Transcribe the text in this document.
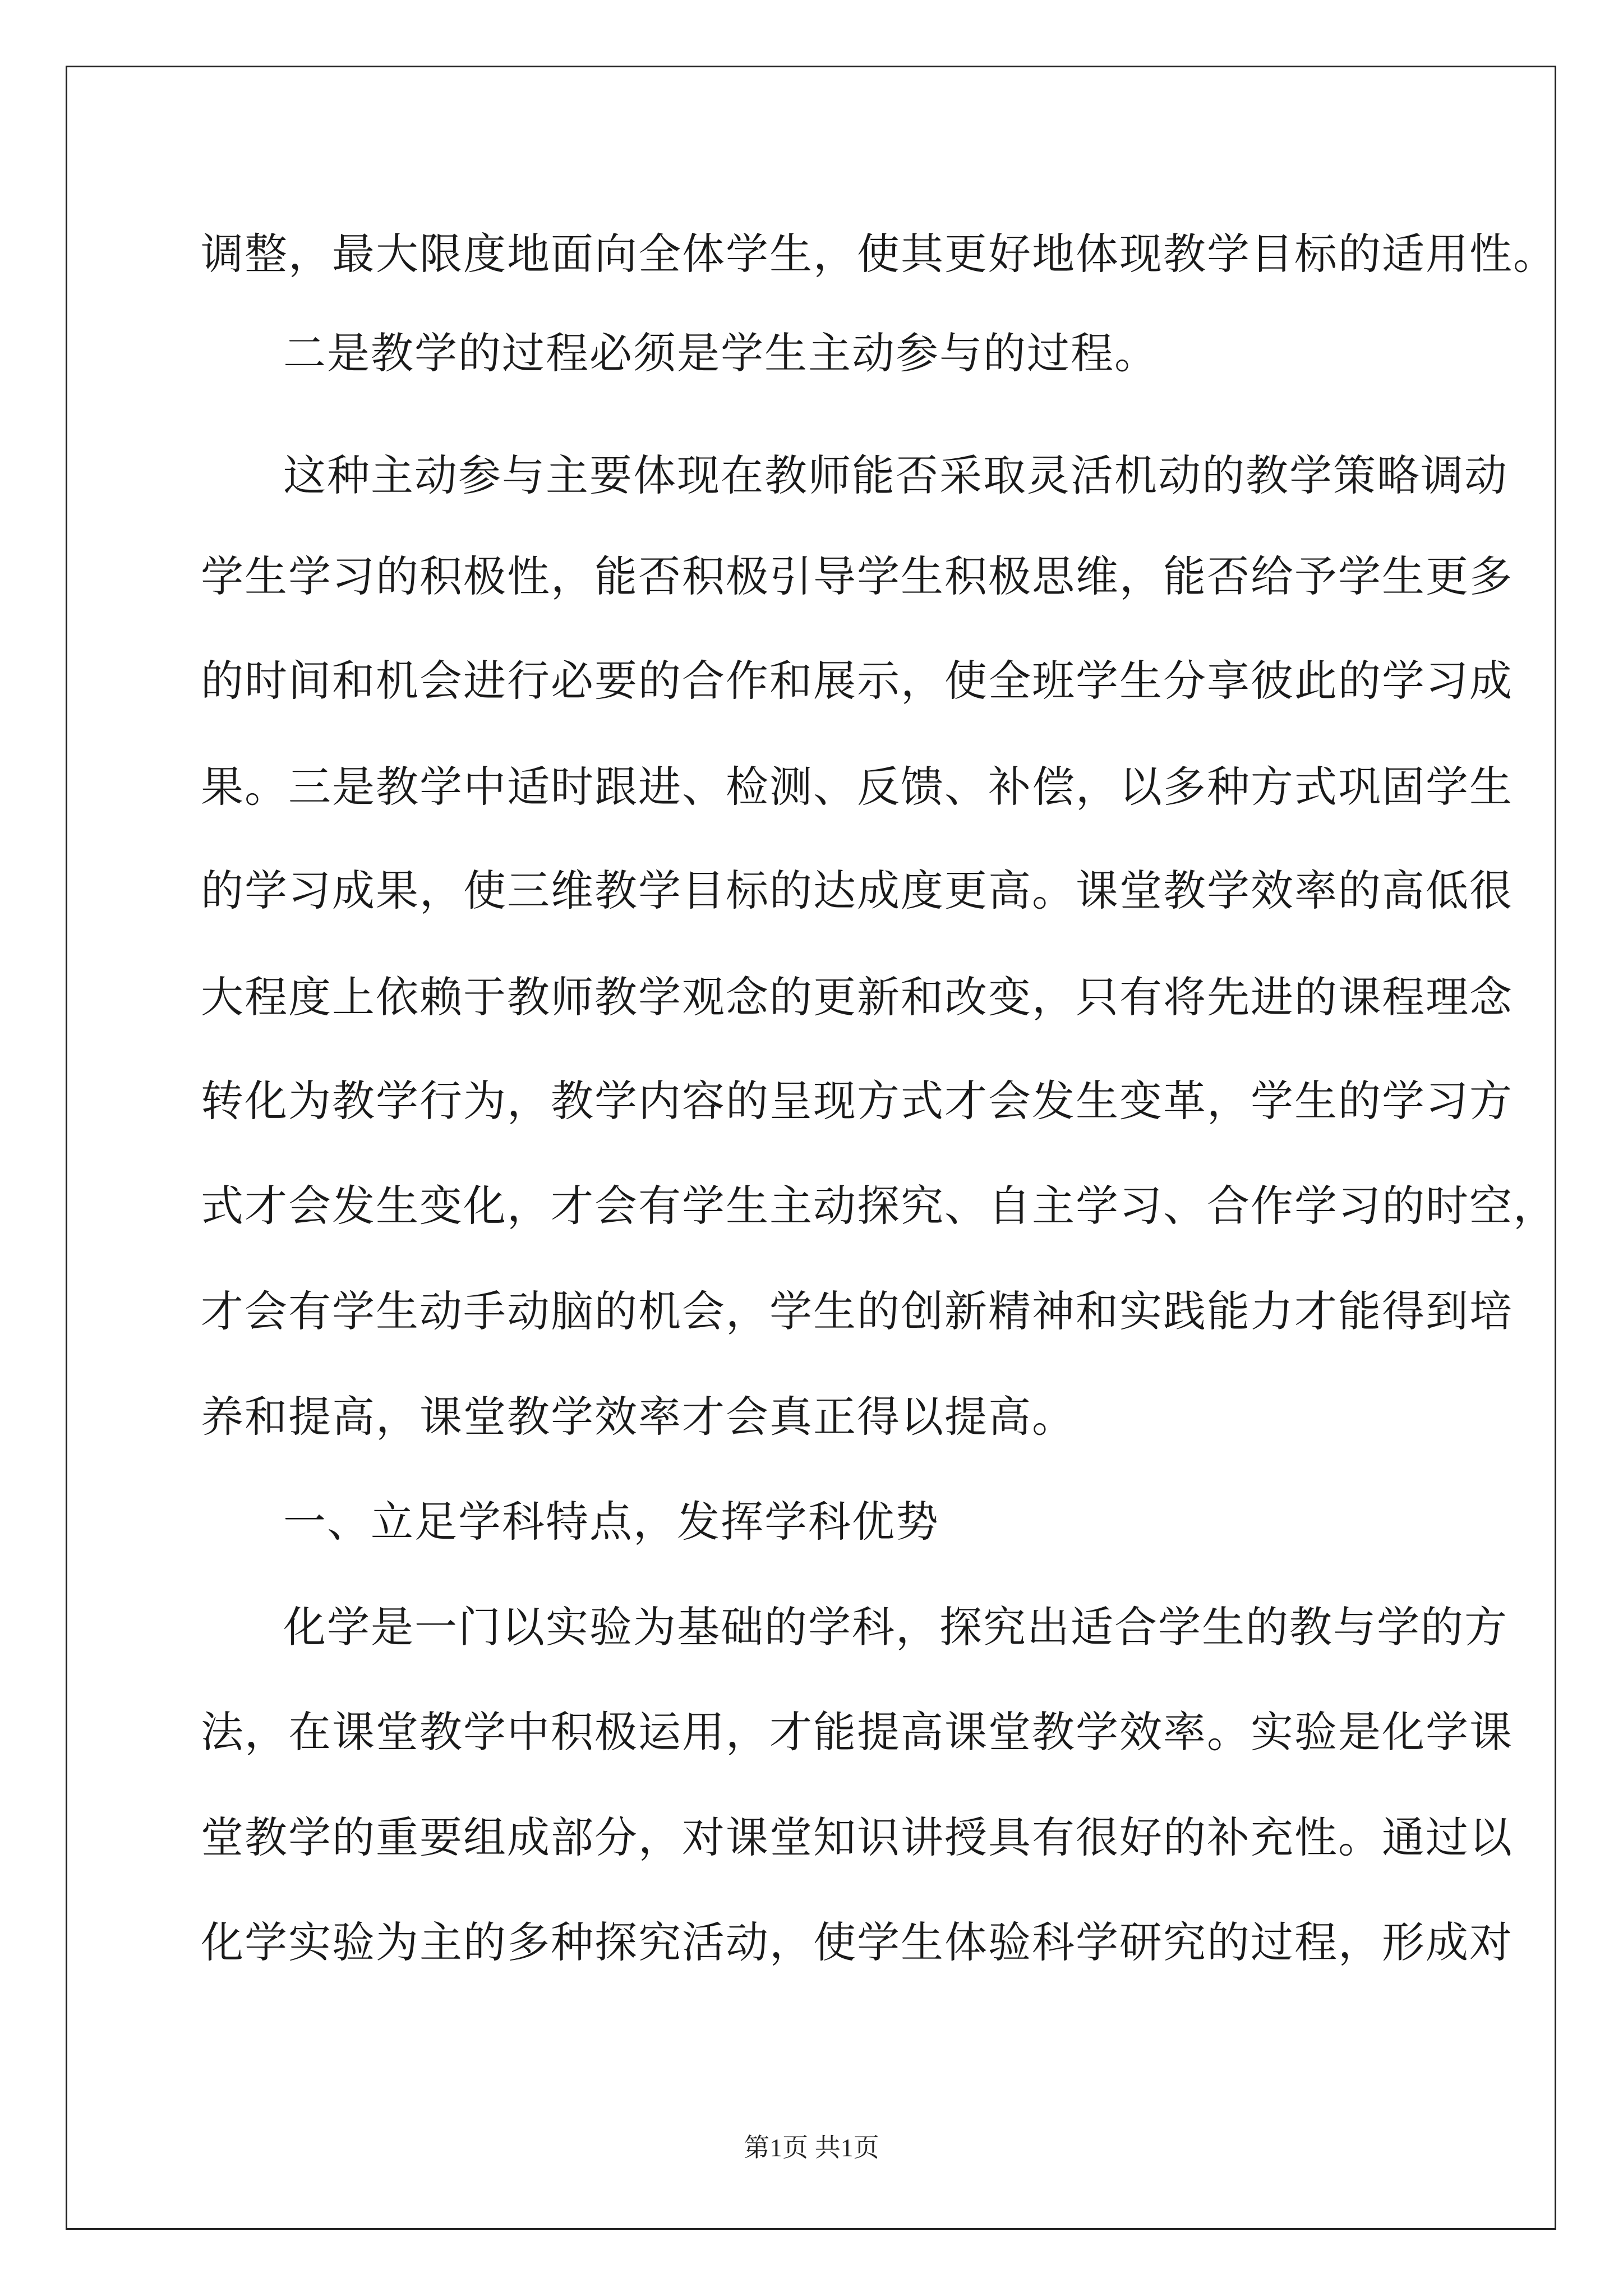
调整，最大限度地面向全体学生，使其更好地体现教学目标的适用性。
二是教学的过程必须是学生主动参与的过程。
这种主动参与主要体现在教师能否采取灵活机动的教学策略调动
学生学习的积极性，能否积极引导学生积极思维，能否给予学生更多
的时间和机会进行必要的合作和展示，使全班学生分享彼此的学习成
果。三是教学中适时跟进、检测、反馈、补偿，以多种方式巩固学生
的学习成果，使三维教学目标的达成度更高。课堂教学效率的高低很
大程度上依赖于教师教学观念的更新和改变，只有将先进的课程理念
转化为教学行为，教学内容的呈现方式才会发生变革，学生的学习方
式才会发生变化，才会有学生主动探究、自主学习、合作学习的时空，
才会有学生动手动脑的机会，学生的创新精神和实践能力才能得到培
养和提高，课堂教学效率才会真正得以提高。
一、立足学科特点，发挥学科优势
化学是一门以实验为基础的学科，探究出适合学生的教与学的方
法，在课堂教学中积极运用，才能提高课堂教学效率。实验是化学课
堂教学的重要组成部分，对课堂知识讲授具有很好的补充性。通过以
化学实验为主的多种探究活动，使学生体验科学研究的过程，形成对
第1页 共1页
